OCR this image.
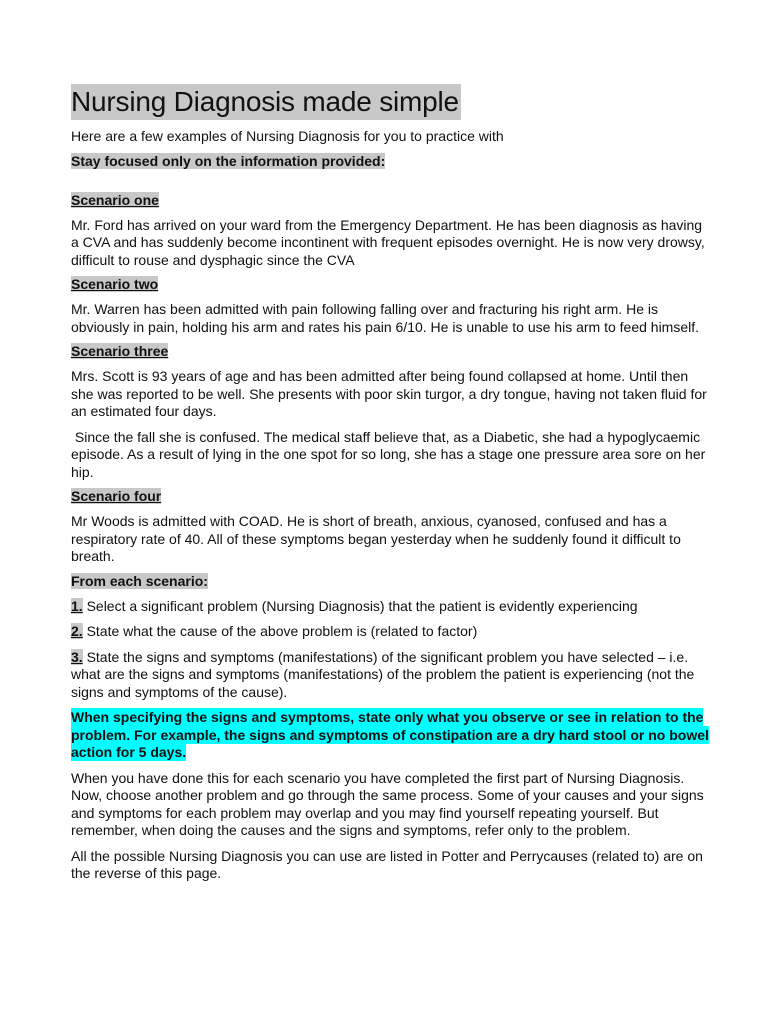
Nursing Diagnosis made simple

Here are a few examples of Nursing Diagnosis for you to practice with

Stay focused only on the information provided:

Scenario one

Mr. Ford has arrived on your ward from the Emergency Department. He has been diagnosis as having a CVA and has suddenly become incontinent with frequent episodes overnight. He is now very drowsy, difficult to rouse and dysphagic since the CVA

Scenario two

Mr. Warren has been admitted with pain following falling over and fracturing his right arm. He is obviously in pain, holding his arm and rates his pain 6/10. He is unable to use his arm to feed himself.

Scenario three

Mrs. Scott is 93 years of age and has been admitted after being found collapsed at home. Until then she was reported to be well. She presents with poor skin turgor, a dry tongue, having not taken fluid for an estimated four days.

Since the fall she is confused. The medical staff believe that, as a Diabetic, she had a hypoglycaemic episode. As a result of lying in the one spot for so long, she has a stage one pressure area sore on her hip.

Scenario four

Mr Woods is admitted with COAD. He is short of breath, anxious, cyanosed, confused and has a respiratory rate of 40. All of these symptoms began yesterday when he suddenly found it difficult to breath.

From each scenario:

1. Select a significant problem (Nursing Diagnosis) that the patient is evidently experiencing

2. State what the cause of the above problem is (related to factor)

3. State the signs and symptoms (manifestations) of the significant problem you have selected – i.e. what are the signs and symptoms (manifestations) of the problem the patient is experiencing (not the signs and symptoms of the cause).

When specifying the signs and symptoms, state only what you observe or see in relation to the problem. For example, the signs and symptoms of constipation are a dry hard stool or no bowel action for 5 days.

When you have done this for each scenario you have completed the first part of Nursing Diagnosis. Now, choose another problem and go through the same process. Some of your causes and your signs and symptoms for each problem may overlap and you may find yourself repeating yourself. But remember, when doing the causes and the signs and symptoms, refer only to the problem.

All the possible Nursing Diagnosis you can use are listed in Potter and Perrycauses (related to) are on the reverse of this page.
